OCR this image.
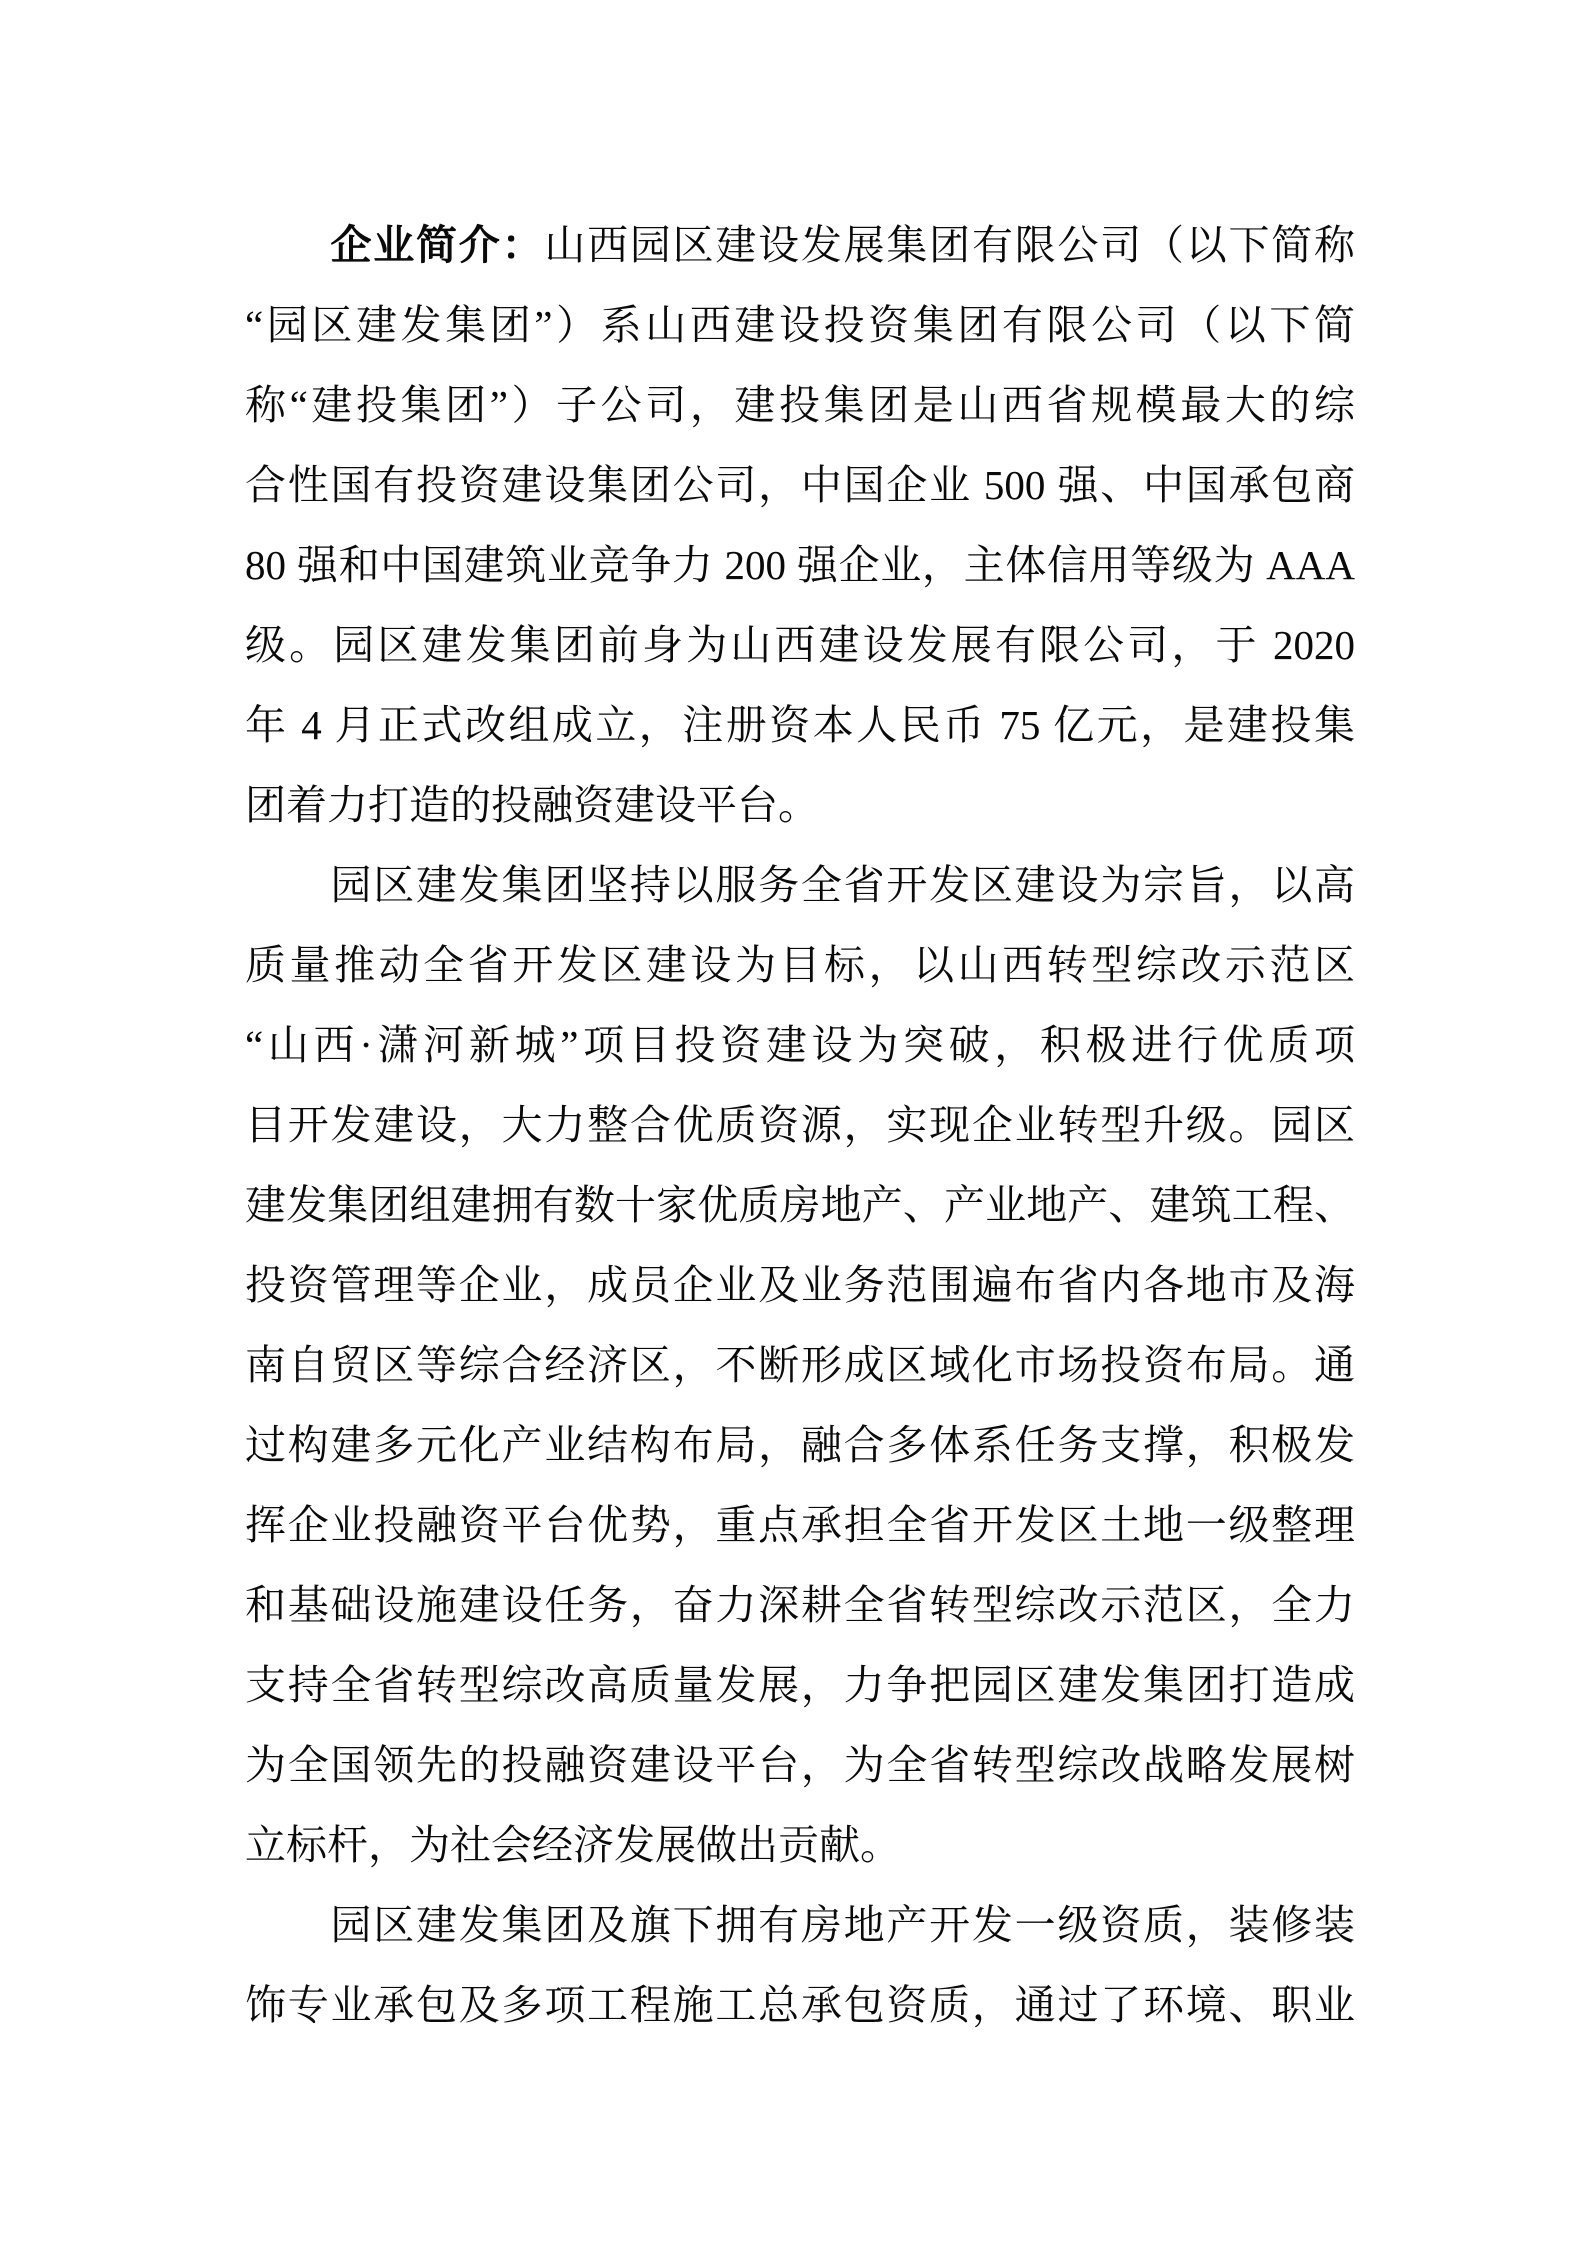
　　企业简介：山西园区建设发展集团有限公司（以下简称
“园区建发集团”）系山西建设投资集团有限公司（以下简
称“建投集团”）子公司，建投集团是山西省规模最大的综
合性国有投资建设集团公司，中国企业 500 强、中国承包商
80 强和中国建筑业竞争力 200 强企业，主体信用等级为 AAA
级。园区建发集团前身为山西建设发展有限公司，于 2020
年 4 月正式改组成立，注册资本人民币 75 亿元，是建投集
团着力打造的投融资建设平台。
　　园区建发集团坚持以服务全省开发区建设为宗旨，以高
质量推动全省开发区建设为目标，以山西转型综改示范区
“山西·潇河新城”项目投资建设为突破，积极进行优质项
目开发建设，大力整合优质资源，实现企业转型升级。园区
建发集团组建拥有数十家优质房地产、产业地产、建筑工程、
投资管理等企业，成员企业及业务范围遍布省内各地市及海
南自贸区等综合经济区，不断形成区域化市场投资布局。通
过构建多元化产业结构布局，融合多体系任务支撑，积极发
挥企业投融资平台优势，重点承担全省开发区土地一级整理
和基础设施建设任务，奋力深耕全省转型综改示范区，全力
支持全省转型综改高质量发展，力争把园区建发集团打造成
为全国领先的投融资建设平台，为全省转型综改战略发展树
立标杆，为社会经济发展做出贡献。
　　园区建发集团及旗下拥有房地产开发一级资质，装修装
饰专业承包及多项工程施工总承包资质，通过了环境、职业
